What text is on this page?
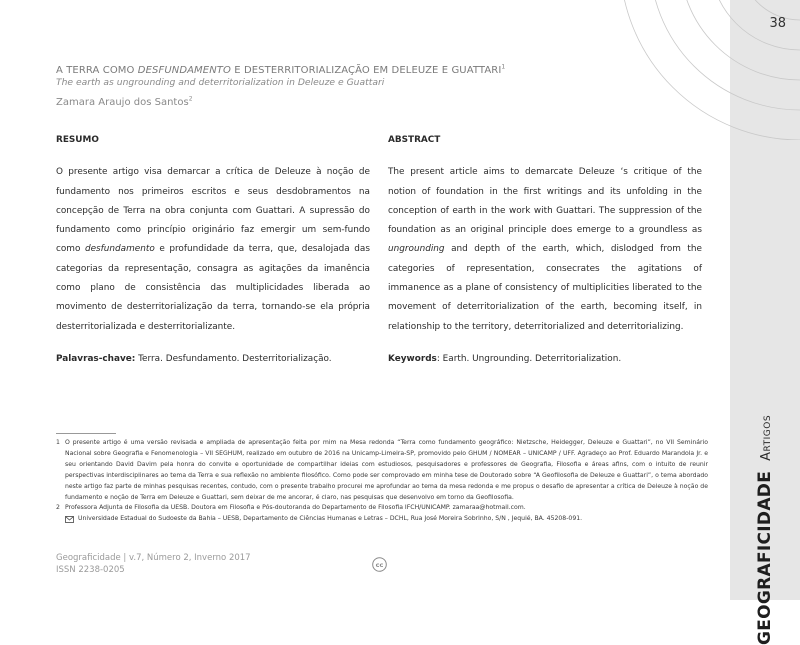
38
GEOGRAFICIDADE
Artigos
A TERRA COMO DESFUNDAMENTO E DESTERRITORIALIZAÇÃO EM DELEUZE E GUATTARI$^1$
The earth as ungrounding and deterritorialization in Deleuze e Guattari
Zamara Araujo dos Santos$^2$
RESUMO

O presente artigo visa demarcar a crítica de Deleuze à noção de fundamento nos primeiros escritos e seus desdobramentos na concepção de Terra na obra conjunta com Guattari. A supressão do fundamento como princípio originário faz emergir um sem-fundo como desfundamento e profundidade da terra, que, desalojada das categorias da representação, consagra as agitações da imanência como plano de consistência das multiplicidades liberada ao movimento de desterritorialização da terra, tornando-se ela própria desterritorializada e desterritorializante.

Palavras-chave: Terra. Desfundamento. Desterritorialização.
ABSTRACT

The present article aims to demarcate Deleuze ‘s critique of the notion of foundation in the first writings and its unfolding in the conception of earth in the work with Guattari. The suppression of the foundation as an original principle does emerge to a groundless as ungrounding and depth of the earth, which, dislodged from the categories of representation, consecrates the agitations of immanence as a plane of consistency of multiplicities liberated to the movement of deterritorialization of the earth, becoming itself, in relationship to the territory, deterritorialized and deterritorializing.

Keywords: Earth. Ungrounding. Deterritorialization.
1 O presente artigo é uma versão revisada e ampliada de apresentação feita por mim na Mesa redonda “Terra como fundamento geográfico: Nietzsche, Heidegger, Deleuze e Guattari”, no VII Seminário Nacional sobre Geografia e Fenomenologia – VII SEGHUM, realizado em outubro de 2016 na Unicamp-Limeira-SP, promovido pelo GHUM / NOMEAR – UNICAMP / UFF. Agradeço ao Prof. Eduardo Marandola Jr. e seu orientando David Davim pela honra do convite e oportunidade de compartilhar ideias com estudiosos, pesquisadores e professores de Geografia, Filosofia e áreas afins, com o intuito de reunir perspectivas interdisciplinares ao tema da Terra e sua reflexão no ambiente filosófico. Como pode ser comprovado em minha tese de Doutorado sobre “A Geofilosofia de Deleuze e Guattari”, o tema abordado neste artigo faz parte de minhas pesquisas recentes, contudo, com o presente trabalho procurei me aprofundar ao tema da mesa redonda e me propus o desafio de apresentar a crítica de Deleuze à noção de fundamento e noção de Terra em Deleuze e Guattari, sem deixar de me ancorar, é claro, nas pesquisas que desenvolvo em torno da Geofilosofia.
2 Professora Adjunta de Filosofia da UESB. Doutora em Filosofia e Pós-doutoranda do Departamento de Filosofia IFCH/UNICAMP. zamaraa@hotmail.com.
Universidade Estadual do Sudoeste da Bahia – UESB, Departamento de Ciências Humanas e Letras – DCHL, Rua José Moreira Sobrinho, S/N , Jequié, BA. 45208-091.
Geograficidade | v.7, Número 2, Inverno 2017
ISSN 2238-0205	cc
